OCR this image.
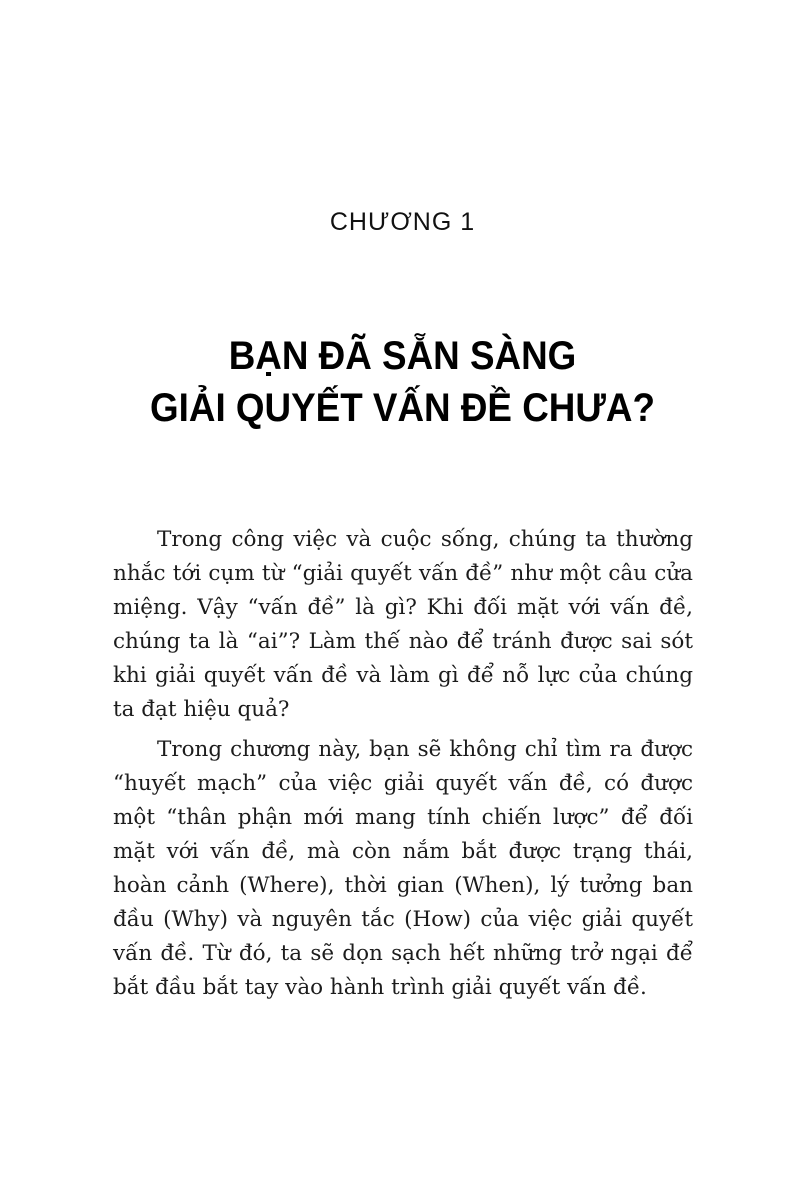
CHƯƠNG 1
BẠN ĐÃ SẴN SÀNG
GIẢI QUYẾT VẤN ĐỀ CHƯA?

Trong công việc và cuộc sống, chúng ta thường nhắc tới cụm từ “giải quyết vấn đề” như một câu cửa miệng. Vậy “vấn đề” là gì? Khi đối mặt với vấn đề, chúng ta là “ai”? Làm thế nào để tránh được sai sót khi giải quyết vấn đề và làm gì để nỗ lực của chúng ta đạt hiệu quả?

Trong chương này, bạn sẽ không chỉ tìm ra được “huyết mạch” của việc giải quyết vấn đề, có được một “thân phận mới mang tính chiến lược” để đối mặt với vấn đề, mà còn nắm bắt được trạng thái, hoàn cảnh (Where), thời gian (When), lý tưởng ban đầu (Why) và nguyên tắc (How) của việc giải quyết vấn đề. Từ đó, ta sẽ dọn sạch hết những trở ngại để bắt đầu bắt tay vào hành trình giải quyết vấn đề.
